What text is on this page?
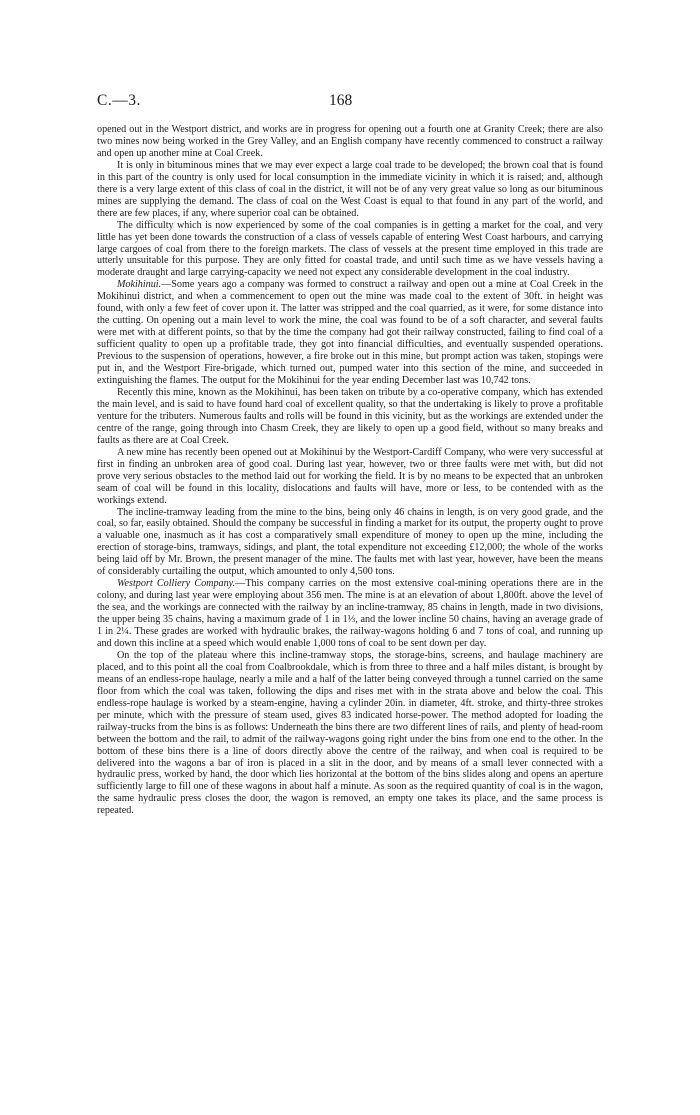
C.—3.	168

opened out in the Westport district, and works are in progress for opening out a fourth one at Granity Creek; there are also two mines now being worked in the Grey Valley, and an English company have recently commenced to construct a railway and open up another mine at Coal Creek.

It is only in bituminous mines that we may ever expect a large coal trade to be developed; the brown coal that is found in this part of the country is only used for local consumption in the immediate vicinity in which it is raised; and, although there is a very large extent of this class of coal in the district, it will not be of any very great value so long as our bituminous mines are supplying the demand. The class of coal on the West Coast is equal to that found in any part of the world, and there are few places, if any, where superior coal can be obtained.

The difficulty which is now experienced by some of the coal companies is in getting a market for the coal, and very little has yet been done towards the construction of a class of vessels capable of entering West Coast harbours, and carrying large cargoes of coal from there to the foreign markets. The class of vessels at the present time employed in this trade are utterly unsuitable for this purpose. They are only fitted for coastal trade, and until such time as we have vessels having a moderate draught and large carrying-capacity we need not expect any considerable development in the coal industry.

Mokihinui.—Some years ago a company was formed to construct a railway and open out a mine at Coal Creek in the Mokihinui district, and when a commencement to open out the mine was made coal to the extent of 30ft. in height was found, with only a few feet of cover upon it. The latter was stripped and the coal quarried, as it were, for some distance into the cutting. On opening out a main level to work the mine, the coal was found to be of a soft character, and several faults were met with at different points, so that by the time the company had got their railway constructed, failing to find coal of a sufficient quality to open up a profitable trade, they got into financial difficulties, and eventually suspended operations. Previous to the suspension of operations, however, a fire broke out in this mine, but prompt action was taken, stopings were put in, and the Westport Fire-brigade, which turned out, pumped water into this section of the mine, and succeeded in extinguishing the flames. The output for the Mokihinui for the year ending December last was 10,742 tons.

Recently this mine, known as the Mokihinui, has been taken on tribute by a co-operative company, which has extended the main level, and is said to have found hard coal of excellent quality, so that the undertaking is likely to prove a profitable venture for the tributers. Numerous faults and rolls will be found in this vicinity, but as the workings are extended under the centre of the range, going through into Chasm Creek, they are likely to open up a good field, without so many breaks and faults as there are at Coal Creek.

A new mine has recently been opened out at Mokihinui by the Westport-Cardiff Company, who were very successful at first in finding an unbroken area of good coal. During last year, however, two or three faults were met with, but did not prove very serious obstacles to the method laid out for working the field. It is by no means to be expected that an unbroken seam of coal will be found in this locality, dislocations and faults will have, more or less, to be contended with as the workings extend.

The incline-tramway leading from the mine to the bins, being only 46 chains in length, is on very good grade, and the coal, so far, easily obtained. Should the company be successful in finding a market for its output, the property ought to prove a valuable one, inasmuch as it has cost a comparatively small expenditure of money to open up the mine, including the erection of storage-bins, tramways, sidings, and plant, the total expenditure not exceeding £12,000; the whole of the works being laid off by Mr. Brown, the present manager of the mine. The faults met with last year, however, have been the means of considerably curtailing the output, which amounted to only 4,500 tons.

Westport Colliery Company.—This company carries on the most extensive coal-mining operations there are in the colony, and during last year were employing about 356 men. The mine is at an elevation of about 1,800ft. above the level of the sea, and the workings are connected with the railway by an incline-tramway, 85 chains in length, made in two divisions, the upper being 35 chains, having a maximum grade of 1 in 1⅓, and the lower incline 50 chains, having an average grade of 1 in 2¼. These grades are worked with hydraulic brakes, the railway-wagons holding 6 and 7 tons of coal, and running up and down this incline at a speed which would enable 1,000 tons of coal to be sent down per day.

On the top of the plateau where this incline-tramway stops, the storage-bins, screens, and haulage machinery are placed, and to this point all the coal from Coalbrookdale, which is from three to three and a half miles distant, is brought by means of an endless-rope haulage, nearly a mile and a half of the latter being conveyed through a tunnel carried on the same floor from which the coal was taken, following the dips and rises met with in the strata above and below the coal. This endless-rope haulage is worked by a steam-engine, having a cylinder 20in. in diameter, 4ft. stroke, and thirty-three strokes per minute, which with the pressure of steam used, gives 83 indicated horse-power. The method adopted for loading the railway-trucks from the bins is as follows: Underneath the bins there are two different lines of rails, and plenty of head-room between the bottom and the rail, to admit of the railway-wagons going right under the bins from one end to the other. In the bottom of these bins there is a line of doors directly above the centre of the railway, and when coal is required to be delivered into the wagons a bar of iron is placed in a slit in the door, and by means of a small lever connected with a hydraulic press, worked by hand, the door which lies horizontal at the bottom of the bins slides along and opens an aperture sufficiently large to fill one of these wagons in about half a minute. As soon as the required quantity of coal is in the wagon, the same hydraulic press closes the door, the wagon is removed, an empty one takes its place, and the same process is repeated.
